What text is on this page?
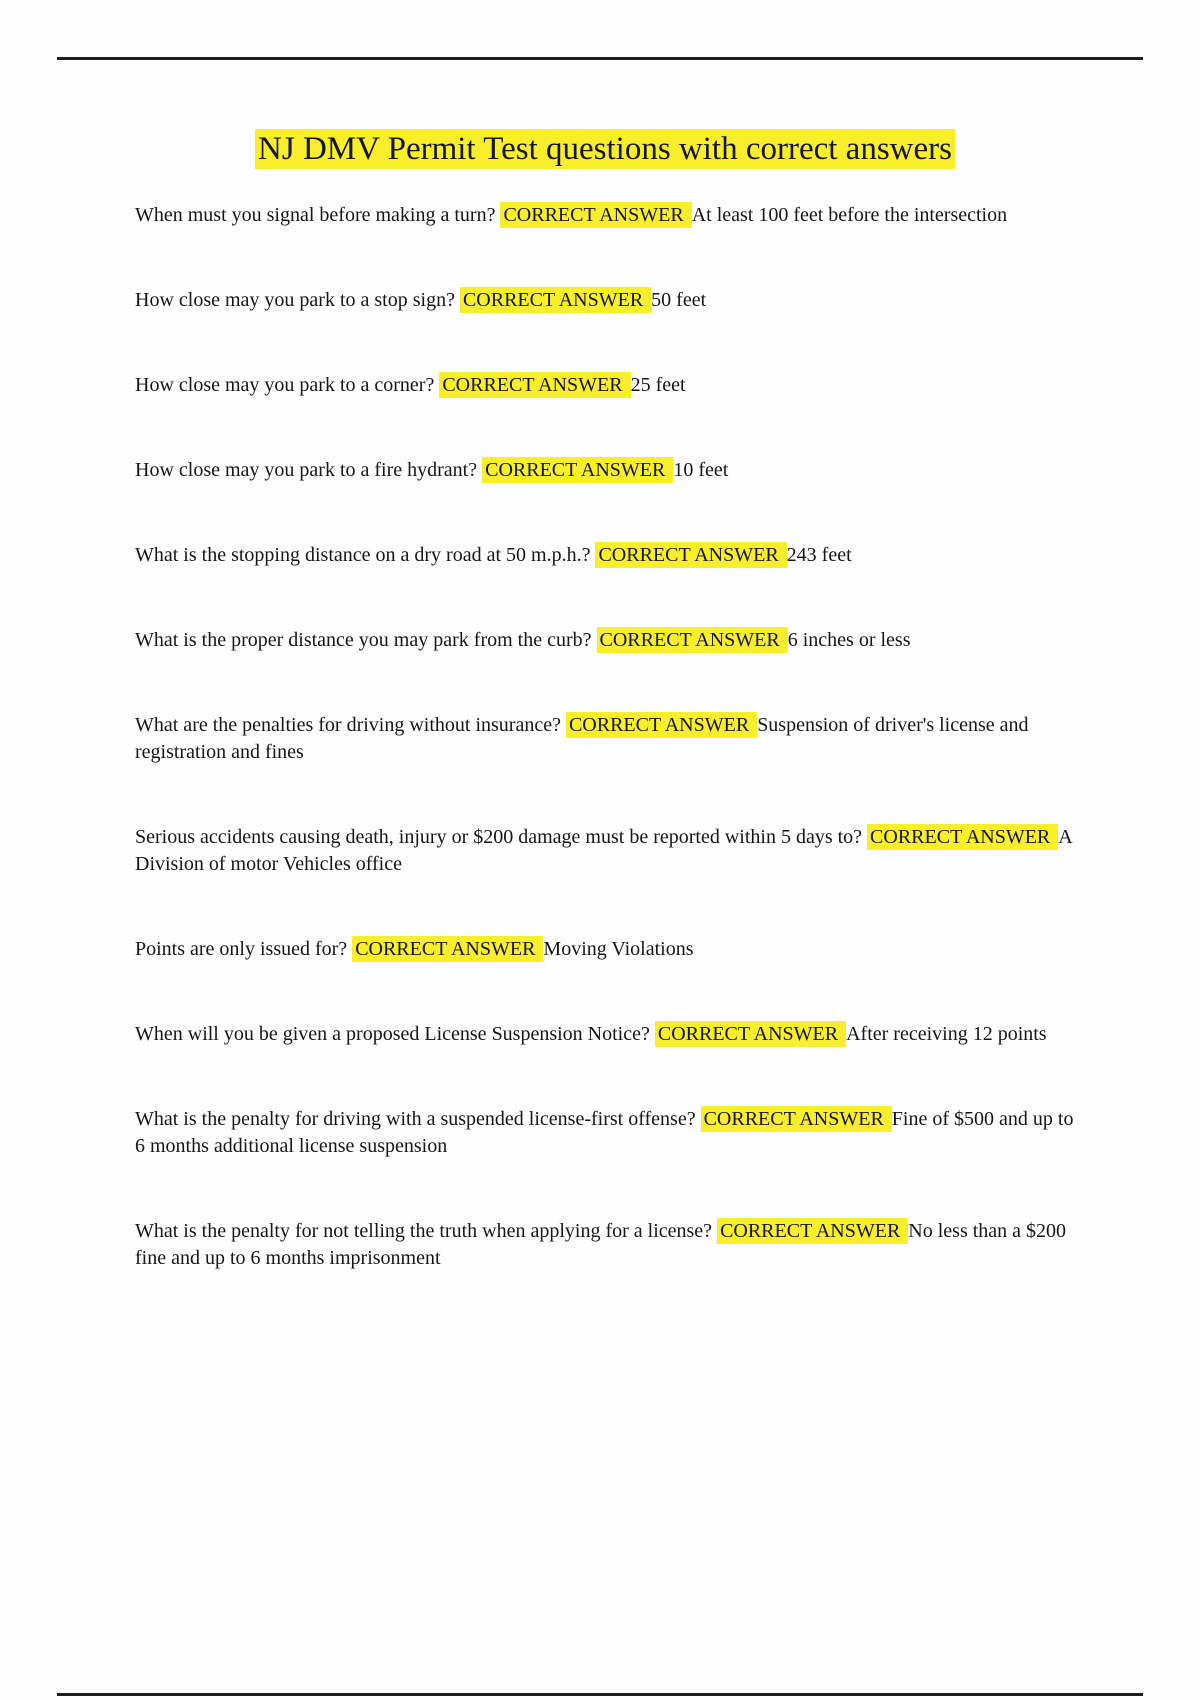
NJ DMV Permit Test questions with correct answers

When must you signal before making a turn? CORRECT ANSWER At least 100 feet before the intersection

How close may you park to a stop sign? CORRECT ANSWER 50 feet

How close may you park to a corner? CORRECT ANSWER 25 feet

How close may you park to a fire hydrant? CORRECT ANSWER 10 feet

What is the stopping distance on a dry road at 50 m.p.h.? CORRECT ANSWER 243 feet

What is the proper distance you may park from the curb? CORRECT ANSWER 6 inches or less

What are the penalties for driving without insurance? CORRECT ANSWER Suspension of driver's license and registration and fines

Serious accidents causing death, injury or $200 damage must be reported within 5 days to? CORRECT ANSWER A Division of motor Vehicles office

Points are only issued for? CORRECT ANSWER Moving Violations

When will you be given a proposed License Suspension Notice? CORRECT ANSWER After receiving 12 points

What is the penalty for driving with a suspended license-first offense? CORRECT ANSWER Fine of $500 and up to 6 months additional license suspension

What is the penalty for not telling the truth when applying for a license? CORRECT ANSWER No less than a $200 fine and up to 6 months imprisonment
